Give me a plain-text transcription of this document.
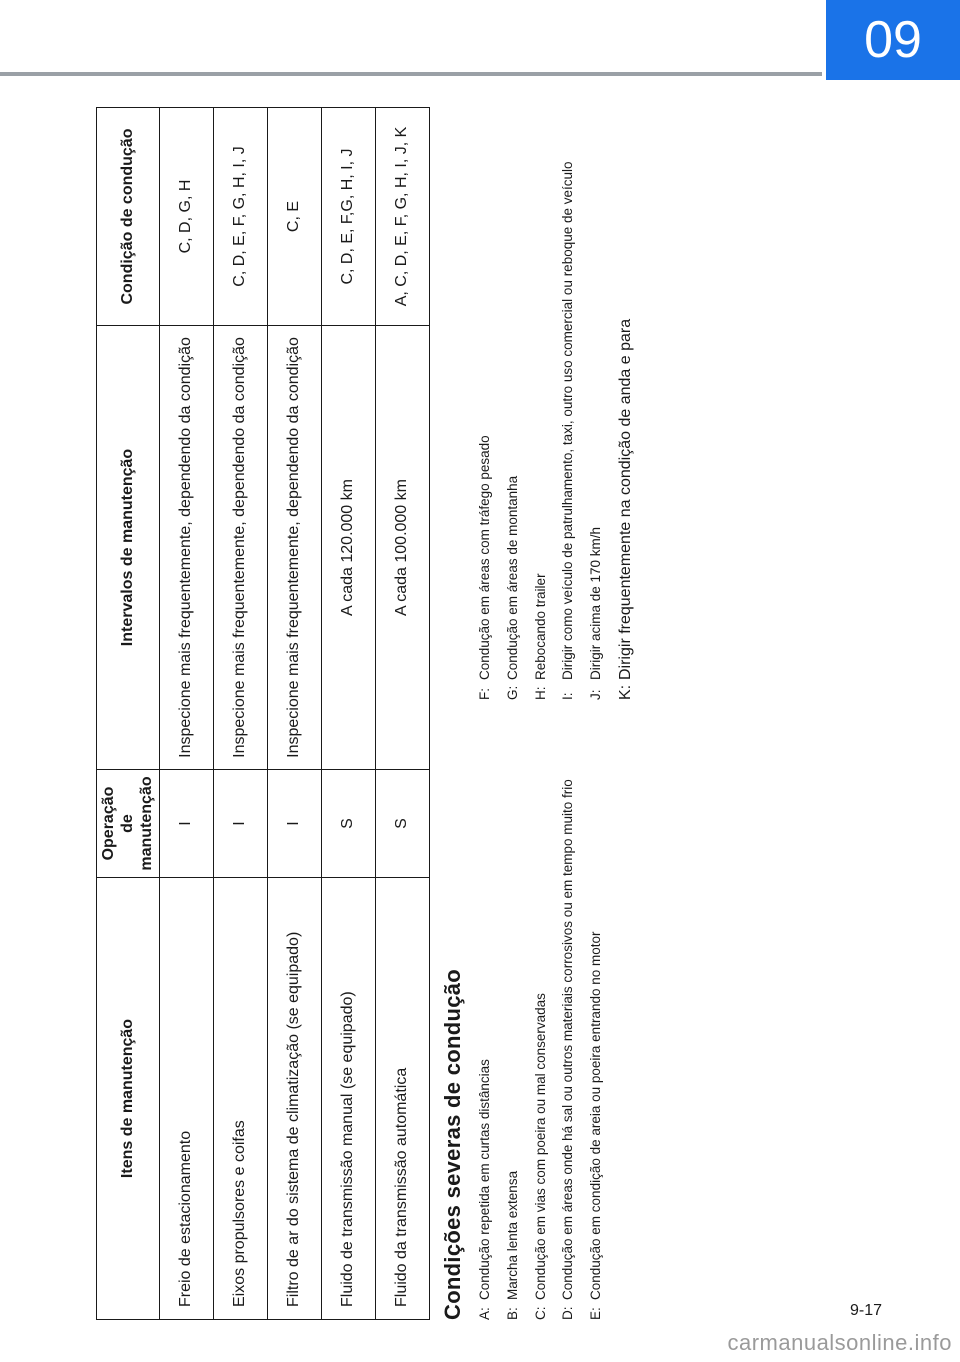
09
Itens de manutenção	Operação de manutenção	Intervalos de manutenção	Condição de condução
Freio de estacionamento	I	Inspecione mais frequentemente, dependendo da condição	C, D, G, H
Eixos propulsores e coifas	I	Inspecione mais frequentemente, dependendo da condição	C, D, E, F, G, H, I, J
Filtro de ar do sistema de climatização (se equipado)	I	Inspecione mais frequentemente, dependendo da condição	C, E
Fluido de transmissão manual (se equipado)	S	A cada 120.000 km	C, D, E, F,G, H, I, J
Fluido da transmissão automática	S	A cada 100.000 km	A, C, D, E, F, G, H, I, J, K
Condições severas de condução A:
Condução repetida em curtas distâncias
B:
Marcha lenta extensa
C:
Condução em vias com poeira ou mal conservadas
D:
Condução em áreas onde há sal ou outros materiais corrosivos ou em tempo muito frio
E:
Condução em condição de areia ou poeira entrando no motor
F:
Condução em áreas com tráfego pesado
G:
Condução em áreas de montanha
H:
Rebocando trailer
I:
Dirigir como veículo de patrulhamento, taxi, outro uso comercial ou reboque de veículo
J:
Dirigir acima de 170 km/h
K:
Dirigir frequentemente na condição de anda e para
9-17
carmanualsonline.info
